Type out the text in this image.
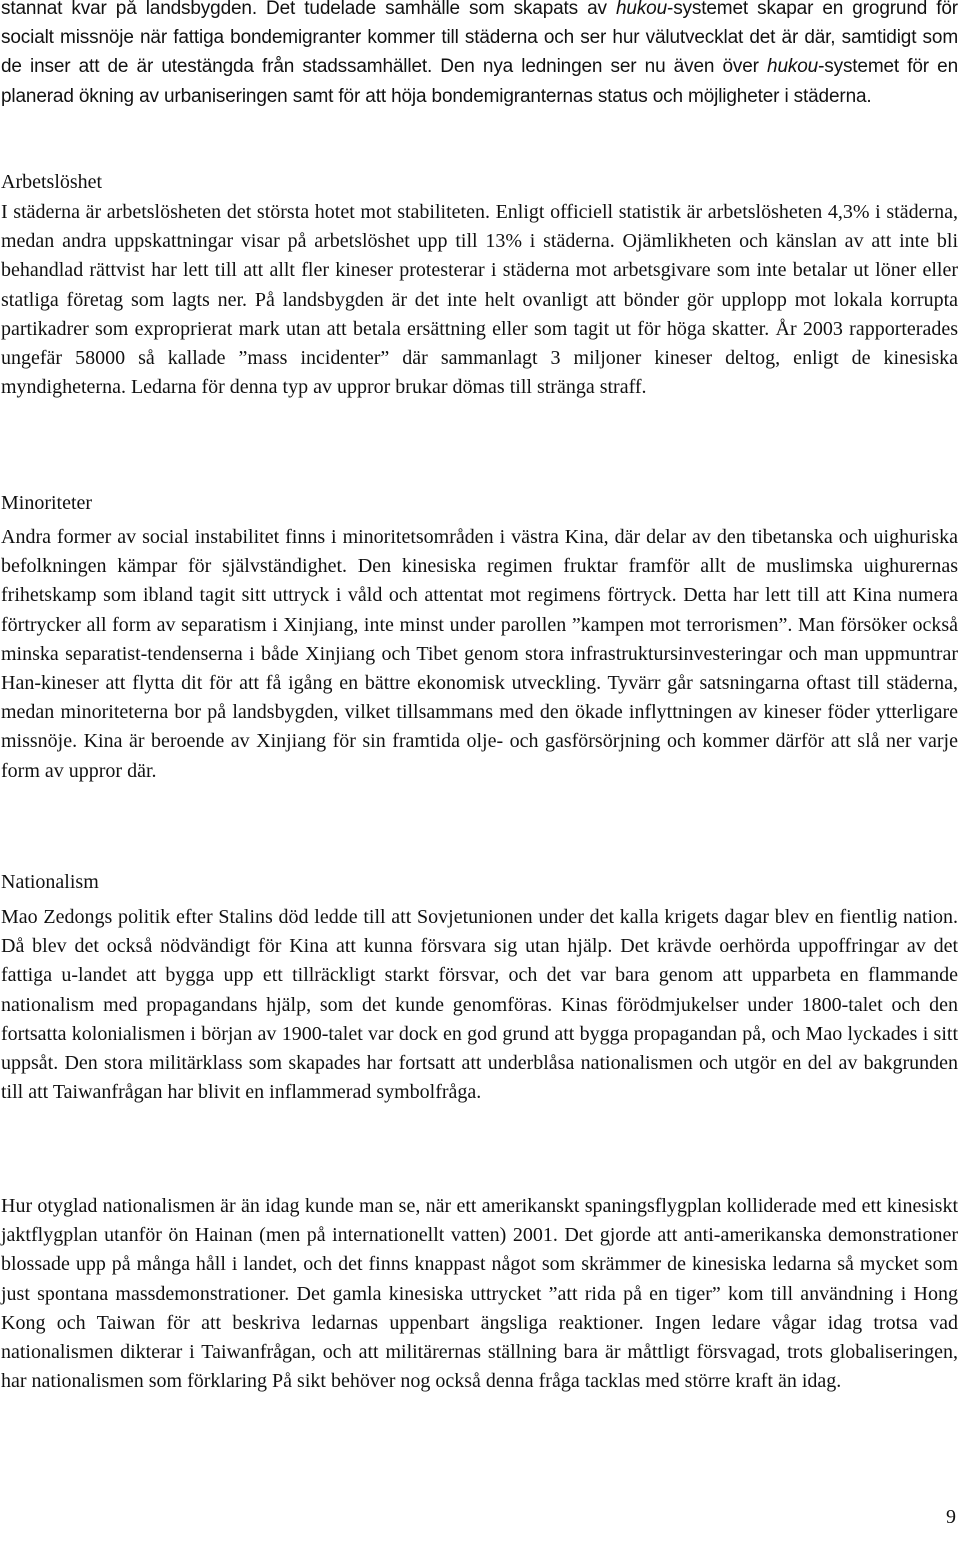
stannat kvar på landsbygden. Det tudelade samhälle som skapats av hukou-systemet skapar en grogrund för socialt missnöje när fattiga bondemigranter kommer till städerna och ser hur välutvecklat det är där, samtidigt som de inser att de är utestängda från stadssamhället. Den nya ledningen ser nu även över hukou-systemet för en planerad ökning av urbaniseringen samt för att höja bondemigranternas status och möjligheter i städerna.

Arbetslöshet

I städerna är arbetslösheten det största hotet mot stabiliteten. Enligt officiell statistik är arbetslösheten 4,3% i städerna, medan andra uppskattningar visar på arbetslöshet upp till 13% i städerna. Ojämlikheten och känslan av att inte bli behandlad rättvist har lett till att allt fler kineser protesterar i städerna mot arbetsgivare som inte betalar ut löner eller statliga företag som lagts ner. På landsbygden är det inte helt ovanligt att bönder gör upplopp mot lokala korrupta partikadrer som exproprierat mark utan att betala ersättning eller som tagit ut för höga skatter. År 2003 rapporterades ungefär 58000 så kallade ”mass incidenter” där sammanlagt 3 miljoner kineser deltog, enligt de kinesiska myndigheterna. Ledarna för denna typ av uppror brukar dömas till stränga straff.

Minoriteter

Andra former av social instabilitet finns i minoritetsområden i västra Kina, där delar av den tibetanska och uighuriska befolkningen kämpar för självständighet. Den kinesiska regimen fruktar framför allt de muslimska uighurernas frihetskamp som ibland tagit sitt uttryck i våld och attentat mot regimens förtryck. Detta har lett till att Kina numera förtrycker all form av separatism i Xinjiang, inte minst under parollen ”kampen mot terrorismen”. Man försöker också minska separatist-tendenserna i både Xinjiang och Tibet genom stora infrastruktursinvesteringar och man uppmuntrar Han-kineser att flytta dit för att få igång en bättre ekonomisk utveckling. Tyvärr går satsningarna oftast till städerna, medan minoriteterna bor på landsbygden, vilket tillsammans med den ökade inflyttningen av kineser föder ytterligare missnöje. Kina är beroende av Xinjiang för sin framtida olje- och gasförsörjning och kommer därför att slå ner varje form av uppror där.

Nationalism

Mao Zedongs politik efter Stalins död ledde till att Sovjetunionen under det kalla krigets dagar blev en fientlig nation. Då blev det också nödvändigt för Kina att kunna försvara sig utan hjälp. Det krävde oerhörda uppoffringar av det fattiga u-landet att bygga upp ett tillräckligt starkt försvar, och det var bara genom att upparbeta en flammande nationalism med propagandans hjälp, som det kunde genomföras. Kinas förödmjukelser under 1800-talet och den fortsatta kolonialismen i början av 1900-talet var dock en god grund att bygga propagandan på, och Mao lyckades i sitt uppsåt. Den stora militärklass som skapades har fortsatt att underblåsa nationalismen och utgör en del av bakgrunden till att Taiwanfrågan har blivit en inflammerad symbolfråga.

Hur otyglad nationalismen är än idag kunde man se, när ett amerikanskt spaningsflygplan kolliderade med ett kinesiskt jaktflygplan utanför ön Hainan (men på internationellt vatten) 2001. Det gjorde att anti-amerikanska demonstrationer blossade upp på många håll i landet, och det finns knappast något som skrämmer de kinesiska ledarna så mycket som just spontana massdemonstrationer. Det gamla kinesiska uttrycket ”att rida på en tiger” kom till användning i Hong Kong och Taiwan för att beskriva ledarnas uppenbart ängsliga reaktioner. Ingen ledare vågar idag trotsa vad nationalismen dikterar i Taiwanfrågan, och att militärernas ställning bara är måttligt försvagad, trots globaliseringen, har nationalismen som förklaring På sikt behöver nog också denna fråga tacklas med större kraft än idag.

9
